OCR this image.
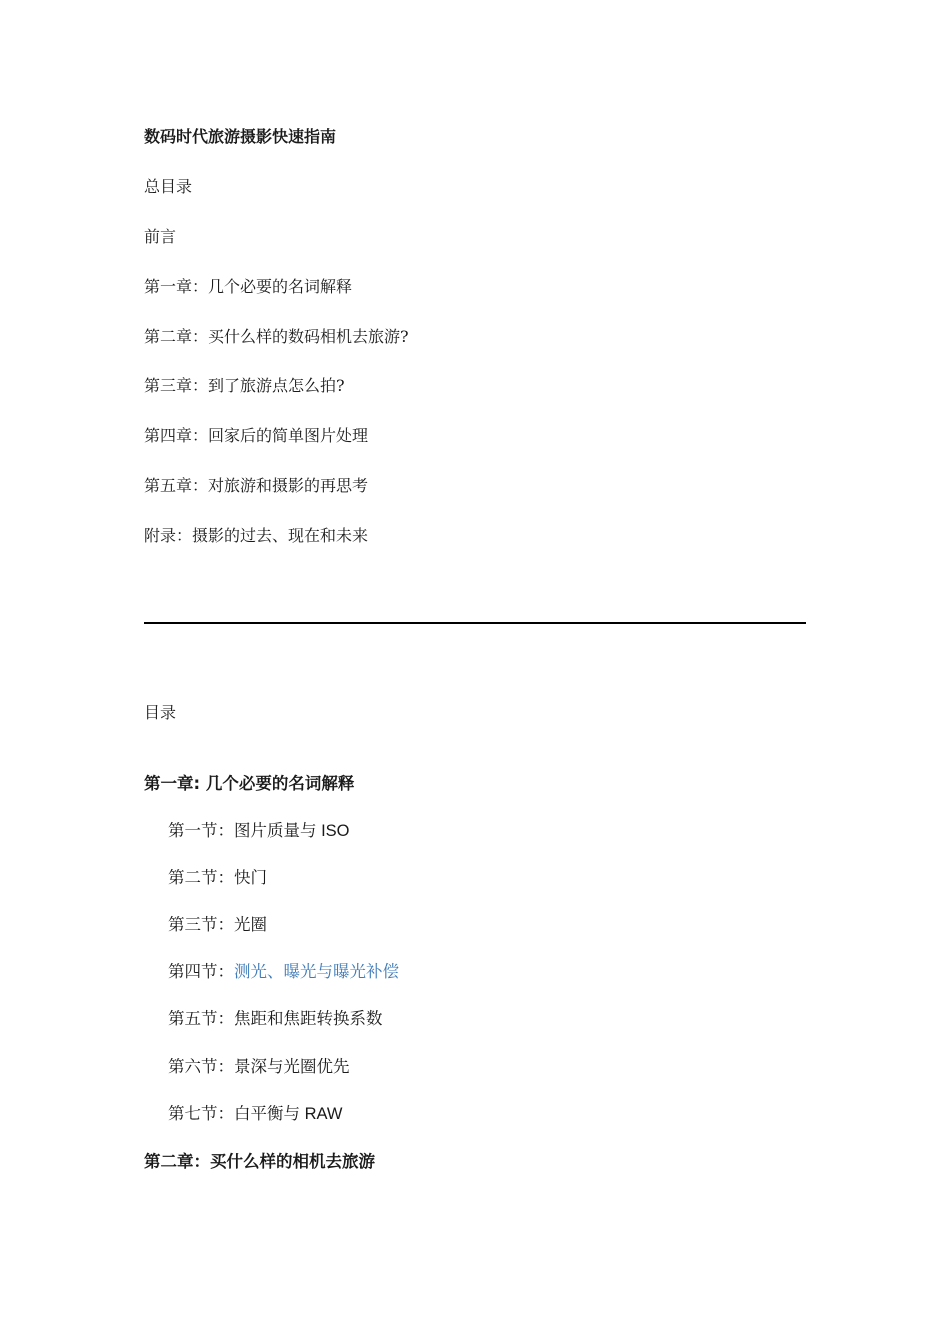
数码时代旅游摄影快速指南
总目录
前言
第一章：几个必要的名词解释
第二章：买什么样的数码相机去旅游?
第三章：到了旅游点怎么拍?
第四章：回家后的简单图片处理
第五章：对旅游和摄影的再思考
附录：摄影的过去、现在和未来
目录
第一章: 几个必要的名词解释
第一节：图片质量与 ISO
第二节：快门
第三节：光圈
第四节：测光、曝光与曝光补偿
第五节：焦距和焦距转换系数
第六节：景深与光圈优先
第七节：白平衡与 RAW
第二章：买什么样的相机去旅游
